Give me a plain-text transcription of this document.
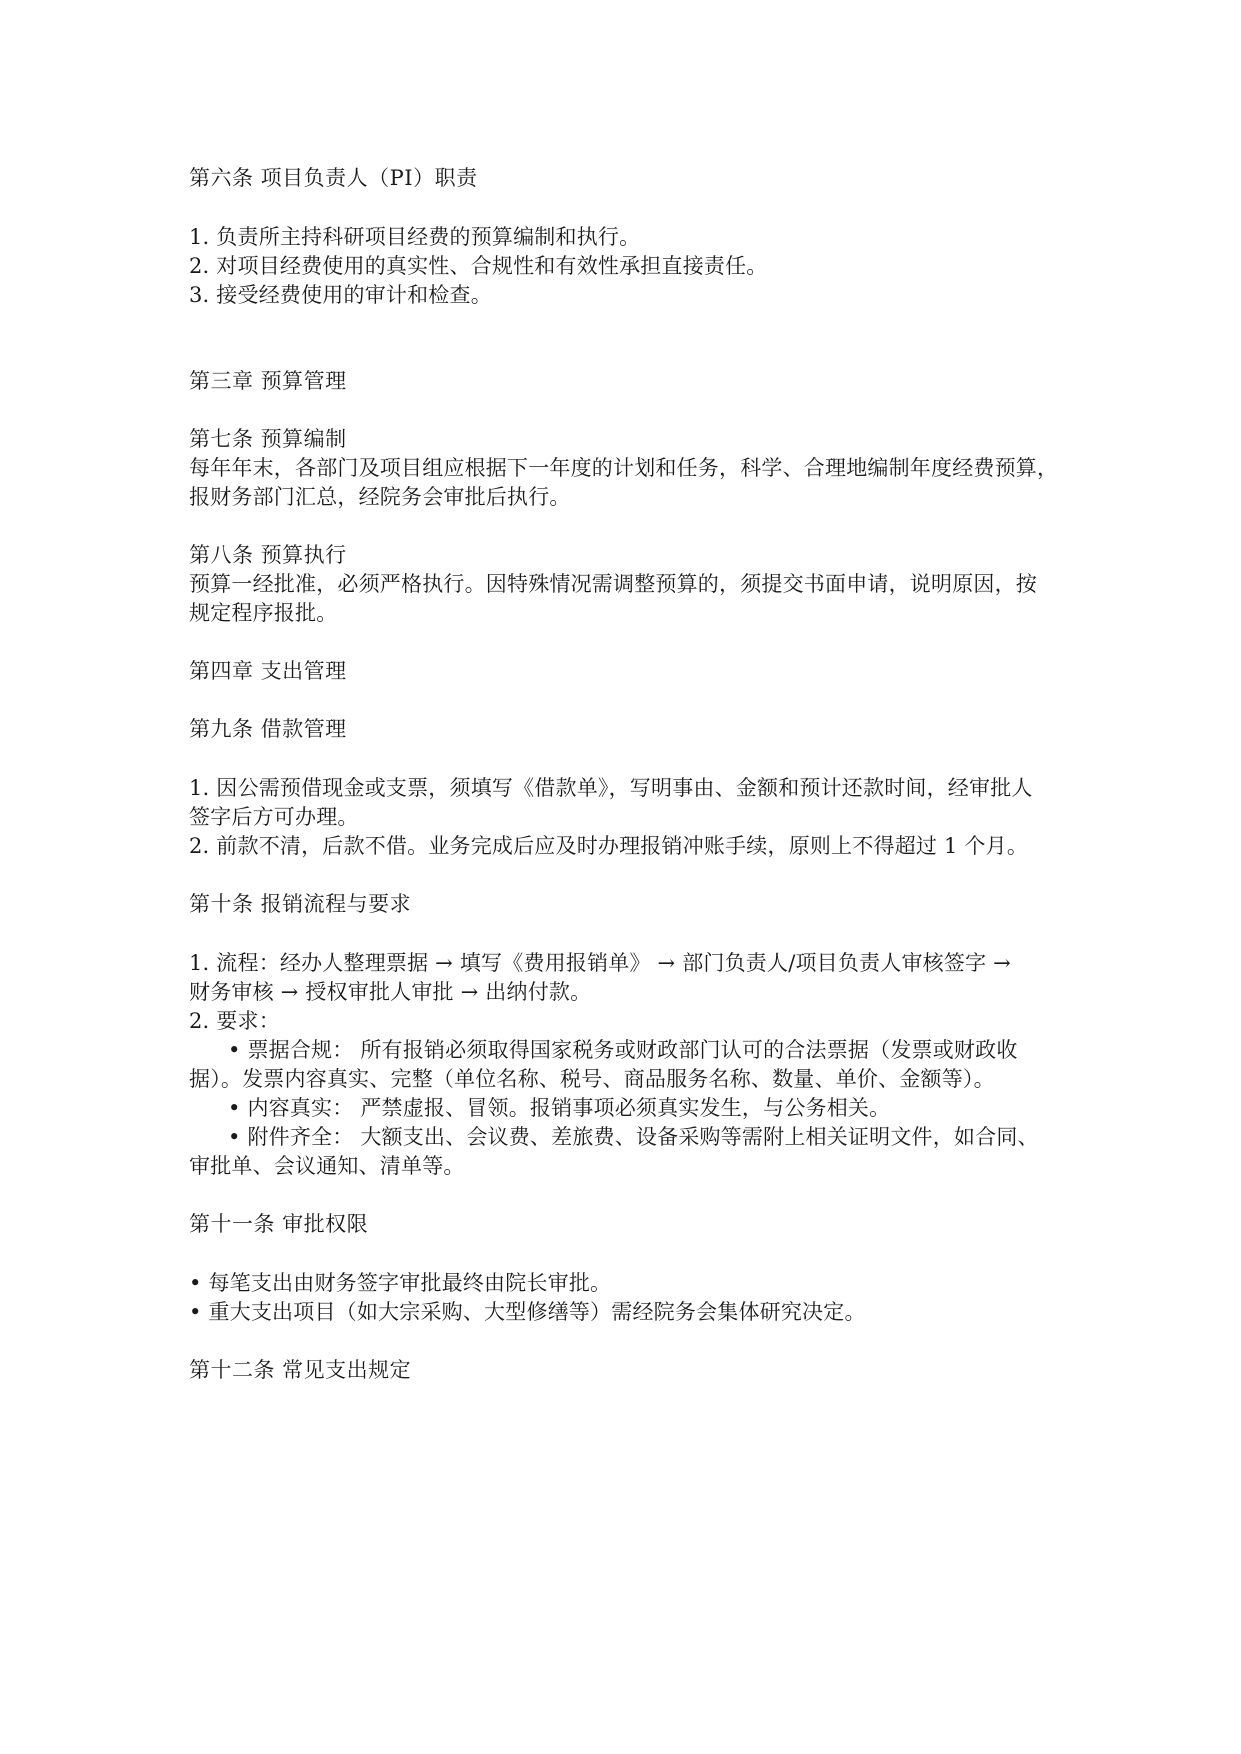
第六条 项目负责人（PI）职责
1. 负责所主持科研项目经费的预算编制和执行。
2. 对项目经费使用的真实性、合规性和有效性承担直接责任。
3. 接受经费使用的审计和检查。
第三章 预算管理
第七条 预算编制
每年年末，各部门及项目组应根据下一年度的计划和任务，科学、合理地编制年度经费预算，
报财务部门汇总，经院务会审批后执行。
第八条 预算执行
预算一经批准，必须严格执行。因特殊情况需调整预算的，须提交书面申请，说明原因，按
规定程序报批。
第四章 支出管理
第九条 借款管理
1. 因公需预借现金或支票，须填写《借款单》，写明事由、金额和预计还款时间，经审批人
签字后方可办理。
2. 前款不清，后款不借。业务完成后应及时办理报销冲账手续，原则上不得超过 1 个月。
第十条 报销流程与要求
1. 流程：经办人整理票据 → 填写《费用报销单》 → 部门负责人/项目负责人审核签字 →
财务审核 → 授权审批人审批 → 出纳付款。
2. 要求：
• 票据合规： 所有报销必须取得国家税务或财政部门认可的合法票据（发票或财政收
据）。发票内容真实、完整（单位名称、税号、商品服务名称、数量、单价、金额等）。
• 内容真实： 严禁虚报、冒领。报销事项必须真实发生，与公务相关。
• 附件齐全： 大额支出、会议费、差旅费、设备采购等需附上相关证明文件，如合同、
审批单、会议通知、清单等。
第十一条 审批权限
• 每笔支出由财务签字审批最终由院长审批。
• 重大支出项目（如大宗采购、大型修缮等）需经院务会集体研究决定。
第十二条 常见支出规定
